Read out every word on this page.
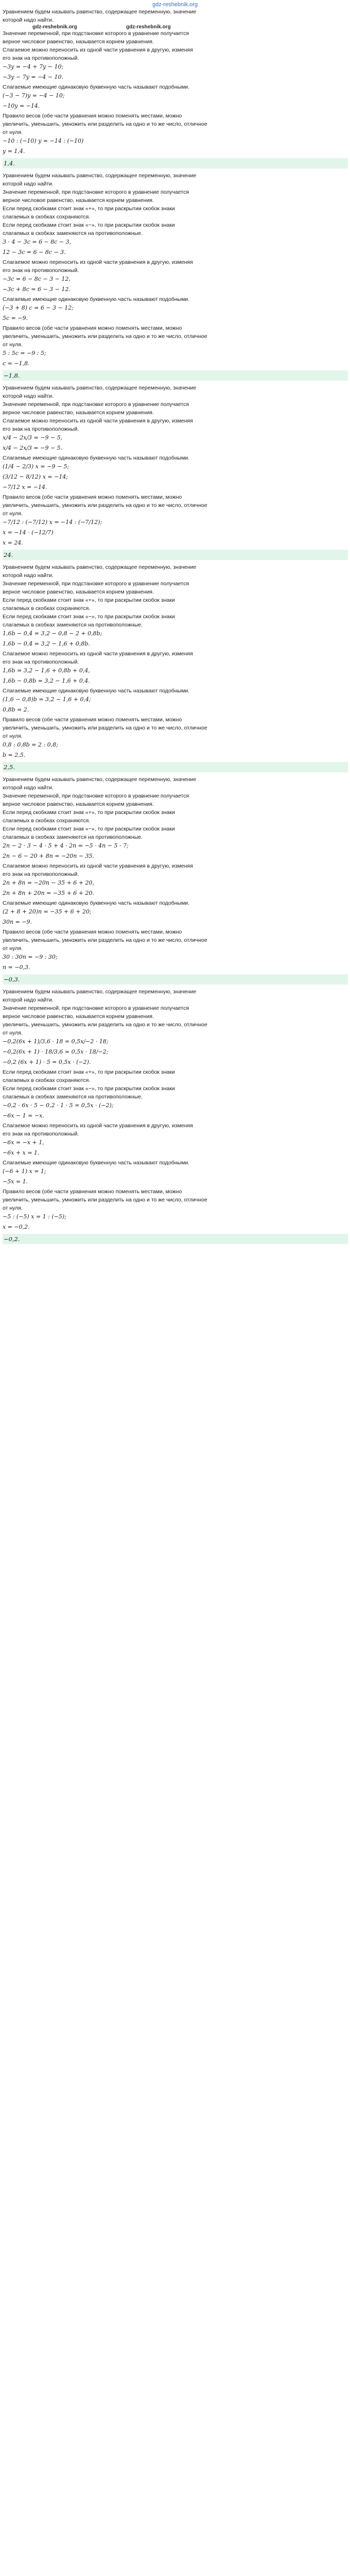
gdz-reshebnik.org
Уравнением будем называть равенство, содержащее переменную, значение
которой надо найти.
gdz-reshebnik.org	gdz-reshebnik.org
Значение переменной, при подстановке которого в уравнение получается
верное числовое равенство, называется корнем уравнения.
Слагаемое можно переносить из одной части уравнения в другую, изменяя
его знак на противоположный.
−3y = −4 + 7y − 10;
−3y − 7y = −4 − 10.
Слагаемые имеющие одинаковую буквенную часть называют подобными.
(−3 − 7)y = −4 − 10;
−10y = −14.
Правило весов (обе части уравнения можно поменять местами, можно
увеличить, уменьшить, умножить или разделить на одно и то же число, отличное
от нуля.
−10 : (−10) y = −14 : (−10)
y = 1,4.
1,4.
Уравнением будем называть равенство, содержащее переменную, значение
которой надо найти.
Значение переменной, при подстановке которого в уравнение получается
верное числовое равенство, называется корнем уравнения.
Если перед скобками стоит знак «+», то при раскрытии скобок знаки
слагаемых в скобках сохраняются.
Если перед скобками стоит знак «−», то при раскрытии скобок знаки
слагаемых в скобках заменяются на противоположные.
3 · 4 − 3c = 6 − 8c − 3,
12 − 3c = 6 − 8c − 3.
Слагаемое можно переносить из одной части уравнения в другую, изменяя
его знак на противоположный.
−3c = 6 − 8c − 3 − 12,
−3c + 8c = 6 − 3 − 12.
Слагаемые имеющие одинаковую буквенную часть называют подобными.
(−3 + 8) c = 6 − 3 − 12;
5c = −9.
Правило весов (обе части уравнения можно поменять местами, можно
увеличить, уменьшить, умножить или разделить на одно и то же число, отличное
от нуля.
5 : 5c = −9 : 5;
c = −1,8.
−1,8.
Уравнением будем называть равенство, содержащее переменную, значение
которой надо найти.
Значение переменной, при подстановке которого в уравнение получается
верное числовое равенство, называется корнем уравнения.
Слагаемое можно переносить из одной части уравнения в другую, изменяя
его знак на противоположный.
x/4 − 2x/3 = −9 − 5,
x/4 − 2x/3 = −9 − 5.
Слагаемые имеющие одинаковую буквенную часть называют подобными.
(1/4 − 2/3) x = −9 − 5;
(3/12 − 8/12) x = −14;
−7/12 x = −14.
Правило весов (обе части уравнения можно поменять местами, можно
увеличить, уменьшить, умножить или разделить на одно и то же число, отличное
от нуля.
−7/12 : (−7/12) x = −14 : (−7/12);
x = −14 · (−12/7)
x = 24.
24.
Уравнением будем называть равенство, содержащее переменную, значение
которой надо найти.
Значение переменной, при подстановке которого в уравнение получается
верное числовое равенство, называется корнем уравнения.
Если перед скобками стоит знак «+», то при раскрытии скобок знаки
слагаемых в скобках сохраняются.
Если перед скобками стоит знак «−», то при раскрытии скобок знаки
слагаемых в скобках заменяются на противоположные.
1,6b − 0,4 = 3,2 − 0,8 − 2 + 0,8b;
1,6b − 0,4 = 3,2 − 1,6 + 0,8b.
Слагаемое можно переносить из одной части уравнения в другую, изменяя
его знак на противоположный.
1,6b = 3,2 − 1,6 + 0,8b + 0,4,
1,6b − 0,8b = 3,2 − 1,6 + 0,4.
Слагаемые имеющие одинаковую буквенную часть называют подобными.
(1,6 − 0,8)b = 3,2 − 1,6 + 0,4;
0,8b = 2.
Правило весов (обе части уравнения можно поменять местами, можно
увеличить, уменьшить, умножить или разделить на одно и то же число, отличное
от нуля.
0,8 : 0,8b = 2 : 0,8;
b = 2,5.
2,5.
Уравнением будем называть равенство, содержащее переменную, значение
которой надо найти.
Значение переменной, при подстановке которого в уравнение получается
верное числовое равенство, называется корнем уравнения.
Если перед скобками стоит знак «+», то при раскрытии скобок знаки
слагаемых в скобках сохраняются.
Если перед скобками стоит знак «−», то при раскрытии скобок знаки
слагаемых в скобках заменяются на противоположные.
2n − 2 · 3 − 4 · 5 + 4 · 2n = −5 · 4n − 5 · 7;
2n − 6 − 20 + 8n = −20n − 35.
Слагаемое можно переносить из одной части уравнения в другую, изменяя
его знак на противоположный.
2n + 8n = −20n − 35 + 6 + 20,
2n + 8n + 20n = −35 + 6 + 20.
Слагаемые имеющие одинаковую буквенную часть называют подобными.
(2 + 8 + 20)n = −35 + 6 + 20;
30n = −9.
Правило весов (обе части уравнения можно поменять местами, можно
увеличить, уменьшить, умножить или разделить на одно и то же число, отличное
от нуля.
30 : 30n = −9 : 30;
n = −0,3.
−0,3.
Уравнением будем называть равенство, содержащее переменную, значение
которой надо найти.
Значение переменной, при подстановке которого в уравнение получается
верное числовое равенство, называется корнем уравнения.
увеличить, уменьшить, умножить или разделить на одно и то же число, отличное
от нуля.
−0,2(6x + 1)/3,6 · 18 = 0,5x/−2 · 18;
−0,2(6x + 1) · 18/3,6 = 0,5x · 18/−2;
−0,2 (6x + 1) · 5 = 0,5x · (−2).
Если перед скобками стоит знак «+», то при раскрытии скобок знаки
слагаемых в скобках сохраняются.
Если перед скобками стоит знак «−», то при раскрытии скобок знаки
слагаемых в скобках заменяются на противоположные.
−0,2 · 6x · 5 − 0,2 · 1 · 5 = 0,5x · (−2);
−6x − 1 = −x.
Слагаемое можно переносить из одной части уравнения в другую, изменяя
его знак на противоположный.
−6x = −x + 1,
−6x + x = 1.
Слагаемые имеющие одинаковую буквенную часть называют подобными.
(−6 + 1) x = 1;
−5x = 1.
Правило весов (обе части уравнения можно поменять местами, можно
увеличить, уменьшить, умножить или разделить на одно и то же число, отличное
от нуля.
−5 : (−5) x = 1 : (−5);
x = −0,2.
−0,2.
